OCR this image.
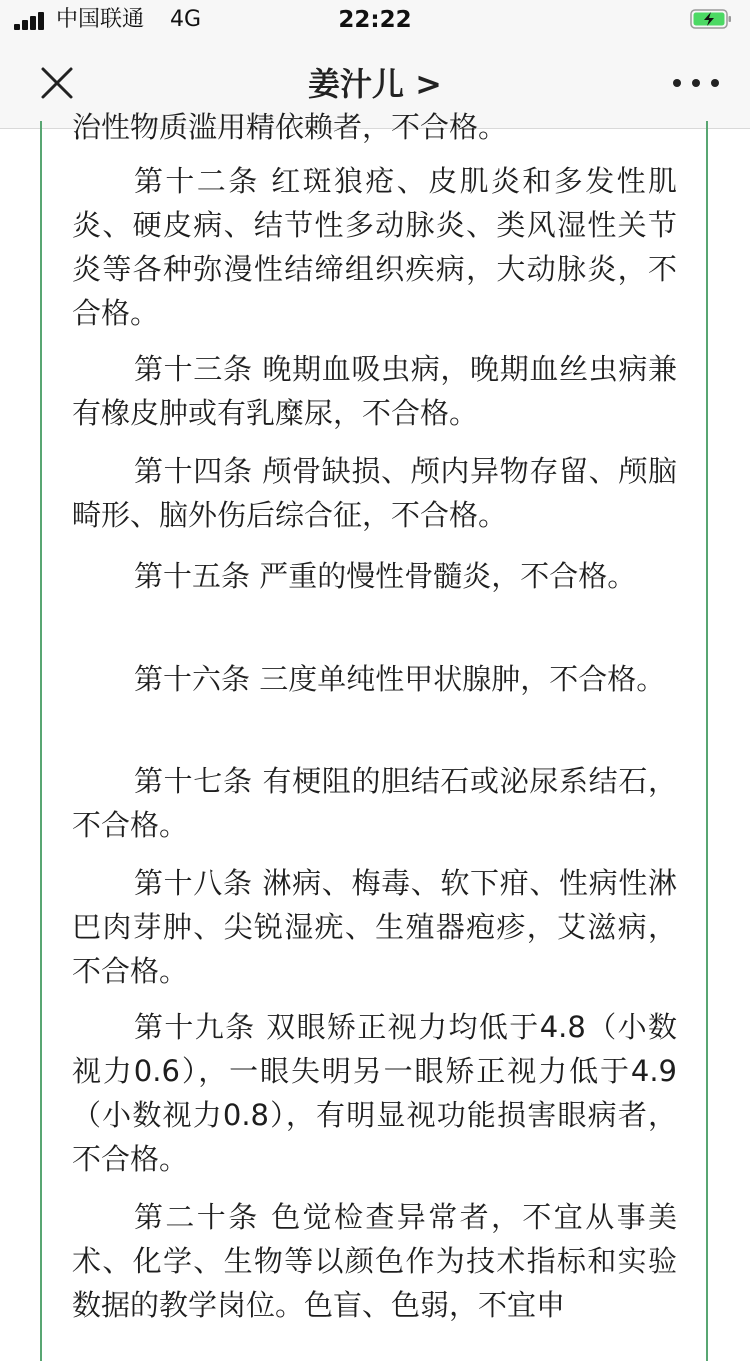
中国联通 4G	22:22
姜汁儿 >

治性物质滥用精依赖者，不合格。

第十二条 红斑狼疮、皮肌炎和多发性肌炎、硬皮病、结节性多动脉炎、类风湿性关节炎等各种弥漫性结缔组织疾病，大动脉炎，不合格。

第十三条 晚期血吸虫病，晚期血丝虫病兼有橡皮肿或有乳糜尿，不合格。

第十四条 颅骨缺损、颅内异物存留、颅脑畸形、脑外伤后综合征，不合格。

第十五条 严重的慢性骨髓炎，不合格。

第十六条 三度单纯性甲状腺肿，不合格。

第十七条 有梗阻的胆结石或泌尿系结石，不合格。

第十八条 淋病、梅毒、软下疳、性病性淋巴肉芽肿、尖锐湿疣、生殖器疱疹，艾滋病，不合格。

第十九条 双眼矫正视力均低于4.8（小数视力0.6），一眼失明另一眼矫正视力低于4.9（小数视力0.8），有明显视功能损害眼病者，不合格。

第二十条 色觉检查异常者，不宜从事美术、化学、生物等以颜色作为技术指标和实验数据的教学岗位。色盲、色弱，不宜申
